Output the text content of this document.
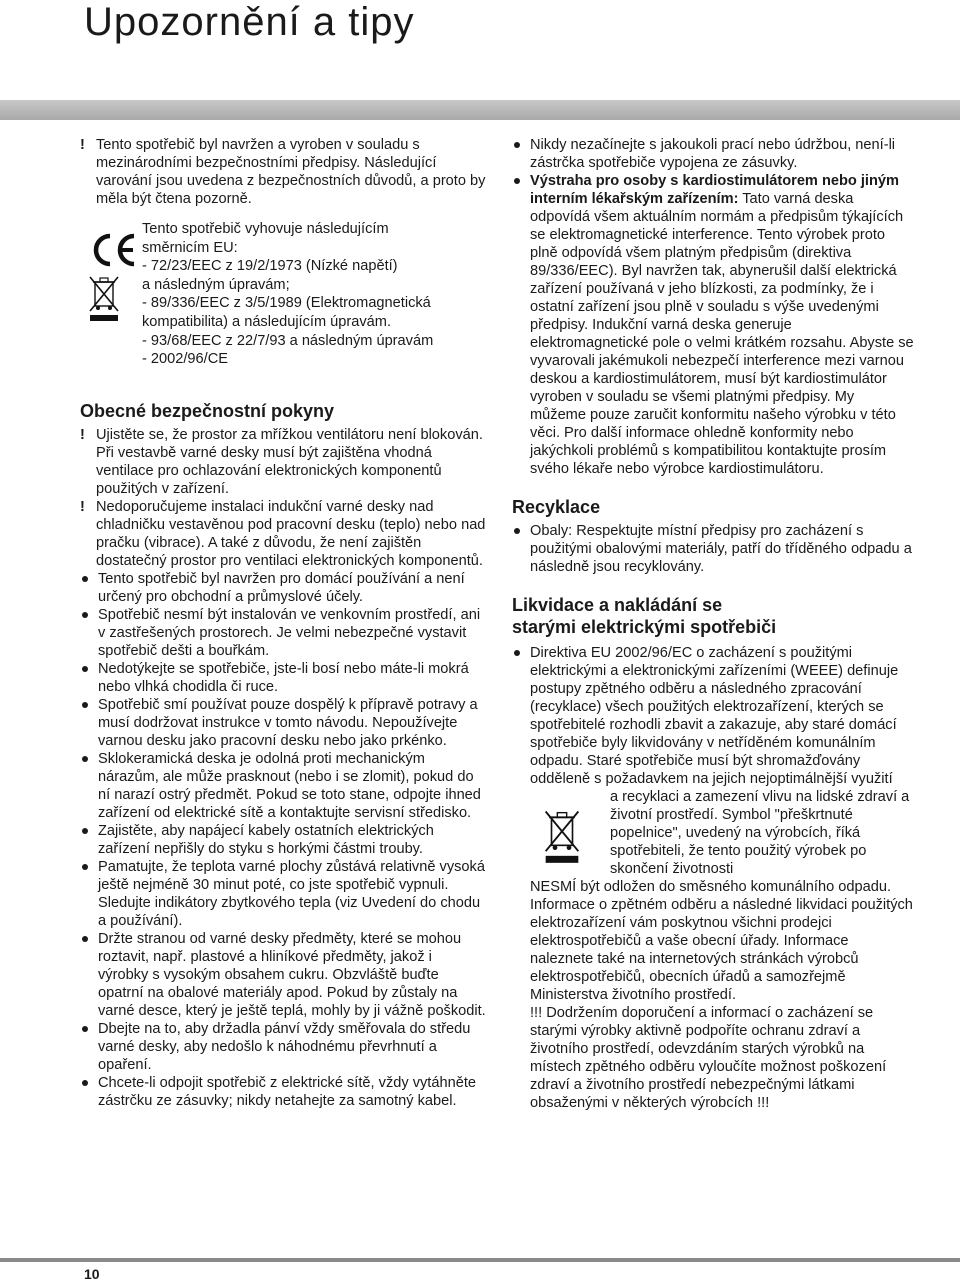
Upozornění a tipy
! Tento spotřebič byl navržen a vyroben v souladu s mezinárodními bezpečnostními předpisy. Následující varování jsou uvedena z bezpečnostních důvodů, a proto by měla být čtena pozorně.

Tento spotřebič vyhovuje následujícím

směrnicím EU:

- 72/23/EEC z 19/2/1973 (Nízké napětí)

a následným úpravám;

- 89/336/EEC z 3/5/1989 (Elektromagnetická

kompatibilita) a následujícím úpravám.

- 93/68/EEC z 22/7/93 a následným úpravám

- 2002/96/CE

Obecné bezpečnostní pokyny
! Ujistěte se, že prostor za mřížkou ventilátoru není blokován. Při vestavbě varné desky musí být zajištěna vhodná ventilace pro ochlazování elektronických komponentů použitých v zařízení.

! Nedoporučujeme instalaci indukční varné desky nad chladničku vestavěnou pod pracovní desku (teplo) nebo nad pračku (vibrace). A také z důvodu, že není zajištěn dostatečný prostor pro ventilaci elektronických komponentů.

Tento spotřebič byl navržen pro domácí používání a není určený pro obchodní a průmyslové účely.

Spotřebič nesmí být instalován ve venkovním prostředí, ani v zastřešených prostorech. Je velmi nebezpečné vystavit spotřebič dešti a bouřkám.

Nedotýkejte se spotřebiče, jste-li bosí nebo máte-li mokrá nebo vlhká chodidla či ruce.

Spotřebič smí používat pouze dospělý k přípravě potravy a musí dodržovat instrukce v tomto návodu. Nepoužívejte varnou desku jako pracovní desku nebo jako prkénko.

Sklokeramická deska je odolná proti mechanickým nárazům, ale může prasknout (nebo i se zlomit), pokud do ní narazí ostrý předmět. Pokud se toto stane, odpojte ihned zařízení od elektrické sítě a kontaktujte servisní středisko.

Zajistěte, aby napájecí kabely ostatních elektrických zařízení nepřišly do styku s horkými částmi trouby.

Pamatujte, že teplota varné plochy zůstává relativně vysoká ještě nejméně 30 minut poté, co jste spotřebič vypnuli. Sledujte indikátory zbytkového tepla (viz Uvedení do chodu a používání).

Držte stranou od varné desky předměty, které se mohou roztavit, např. plastové a hliníkové předměty, jakož i výrobky s vysokým obsahem cukru. Obzvláště buďte opatrní na obalové materiály apod. Pokud by zůstaly na varné desce, který je ještě teplá, mohly by ji vážně poškodit.

Dbejte na to, aby držadla pánví vždy směřovala do středu varné desky, aby nedošlo k náhodnému převrhnutí a opaření.

Chcete-li odpojit spotřebič z elektrické sítě, vždy vytáhněte zástrčku ze zásuvky; nikdy netahejte za samotný kabel.

Nikdy nezačínejte s jakoukoli prací nebo údržbou, není-li zástrčka spotřebiče vypojena ze zásuvky.

Výstraha pro osoby s kardiostimulátorem nebo jiným interním lékařským zařízením: Tato varná deska odpovídá všem aktuálním normám a předpisům týkajících se elektromagnetické interference. Tento výrobek proto plně odpovídá všem platným předpisům (direktiva 89/336/EEC). Byl navržen tak, abynerušil další elektrická zařízení používaná v jeho blízkosti, za podmínky, že i ostatní zařízení jsou plně v souladu s výše uvedenými předpisy. Indukční varná deska generuje elektromagnetické pole o velmi krátkém rozsahu. Abyste se vyvarovali jakémukoli nebezpečí interference mezi varnou deskou a kardiostimulátorem, musí být kardiostimulátor vyroben v souladu se všemi platnými předpisy. My můžeme pouze zaručit konformitu našeho výrobku v této věci. Pro další informace ohledně konformity nebo jakýchkoli problémů s kompatibilitou kontaktujte prosím svého lékaře nebo výrobce kardiostimulátoru.

Recyklace

Obaly: Respektujte místní předpisy pro zacházení s použitými obalovými materiály, patří do tříděného odpadu a následně jsou recyklovány.

Likvidace a nakládání se
starými elektrickými spotřebiči

Direktiva EU 2002/96/EC o zacházení s použitými elektrickými a elektronickými zařízeními (WEEE) definuje postupy zpětného odběru a následného zpracování (recyklace) všech použitých elektrozařízení, kterých se spotřebitelé rozhodli zbavit a zakazuje, aby staré domácí spotřebiče byly likvidovány v netříděném komunálním odpadu. Staré spotřebiče musí být shromažďovány odděleně s požadavkem na jejich nejoptimálnější využití

a recyklaci a zamezení vlivu na lidské zdraví a životní prostředí. Symbol "přeškrtnuté popelnice", uvedený na výrobcích, říká spotřebiteli, že tento použitý výrobek po skončení životnosti

NESMÍ být odložen do směsného komunálního odpadu.

Informace o zpětném odběru a následné likvidaci použitých elektrozařízení vám poskytnou všichni prodejci elektrospotřebičů a vaše obecní úřady. Informace naleznete také na internetových stránkách výrobců elektrospotřebičů, obecních úřadů a samozřejmě Ministerstva životního prostředí.

!!! Dodržením doporučení a informací o zacházení se starými výrobky aktivně podpoříte ochranu zdraví a životního prostředí, odevzdáním starých výrobků na místech zpětného odběru vyloučíte možnost poškození zdraví a životního prostředí nebezpečnými látkami obsaženými v některých výrobcích !!!

10
